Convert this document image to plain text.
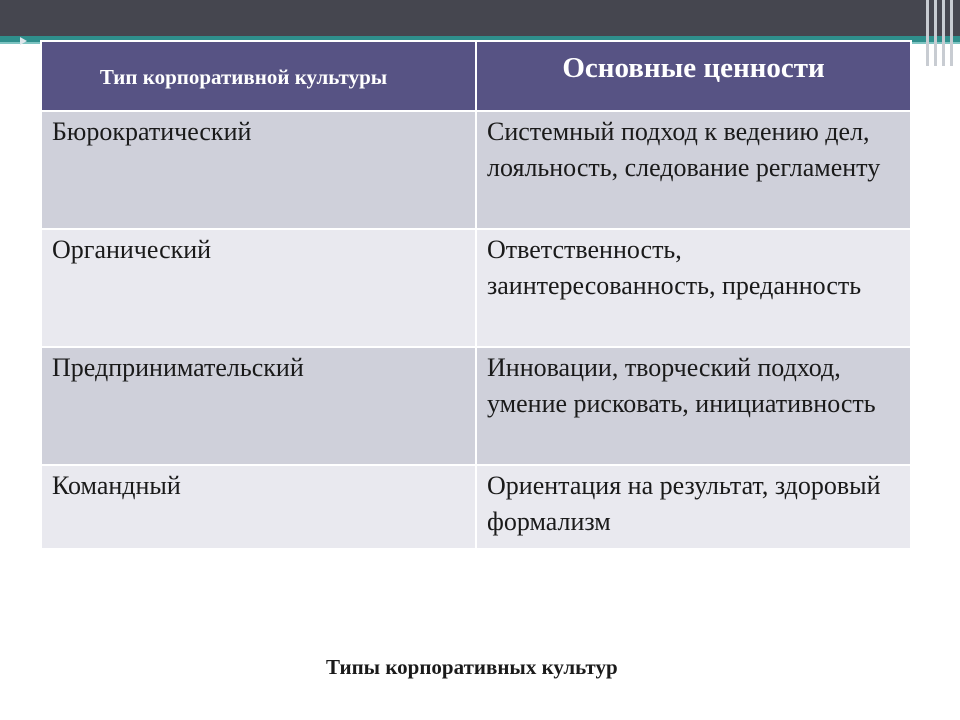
Тип корпоративной культуры	Основные ценности
Бюрократический	Системный подход к ведению дел, лояльность, следование регламенту
Органический	Ответственность, заинтересованность, преданность
Предпринимательский	Инновации, творческий подход, умение рисковать, инициативность
Командный	Ориентация на результат, здоровый формализм
Типы корпоративных культур
